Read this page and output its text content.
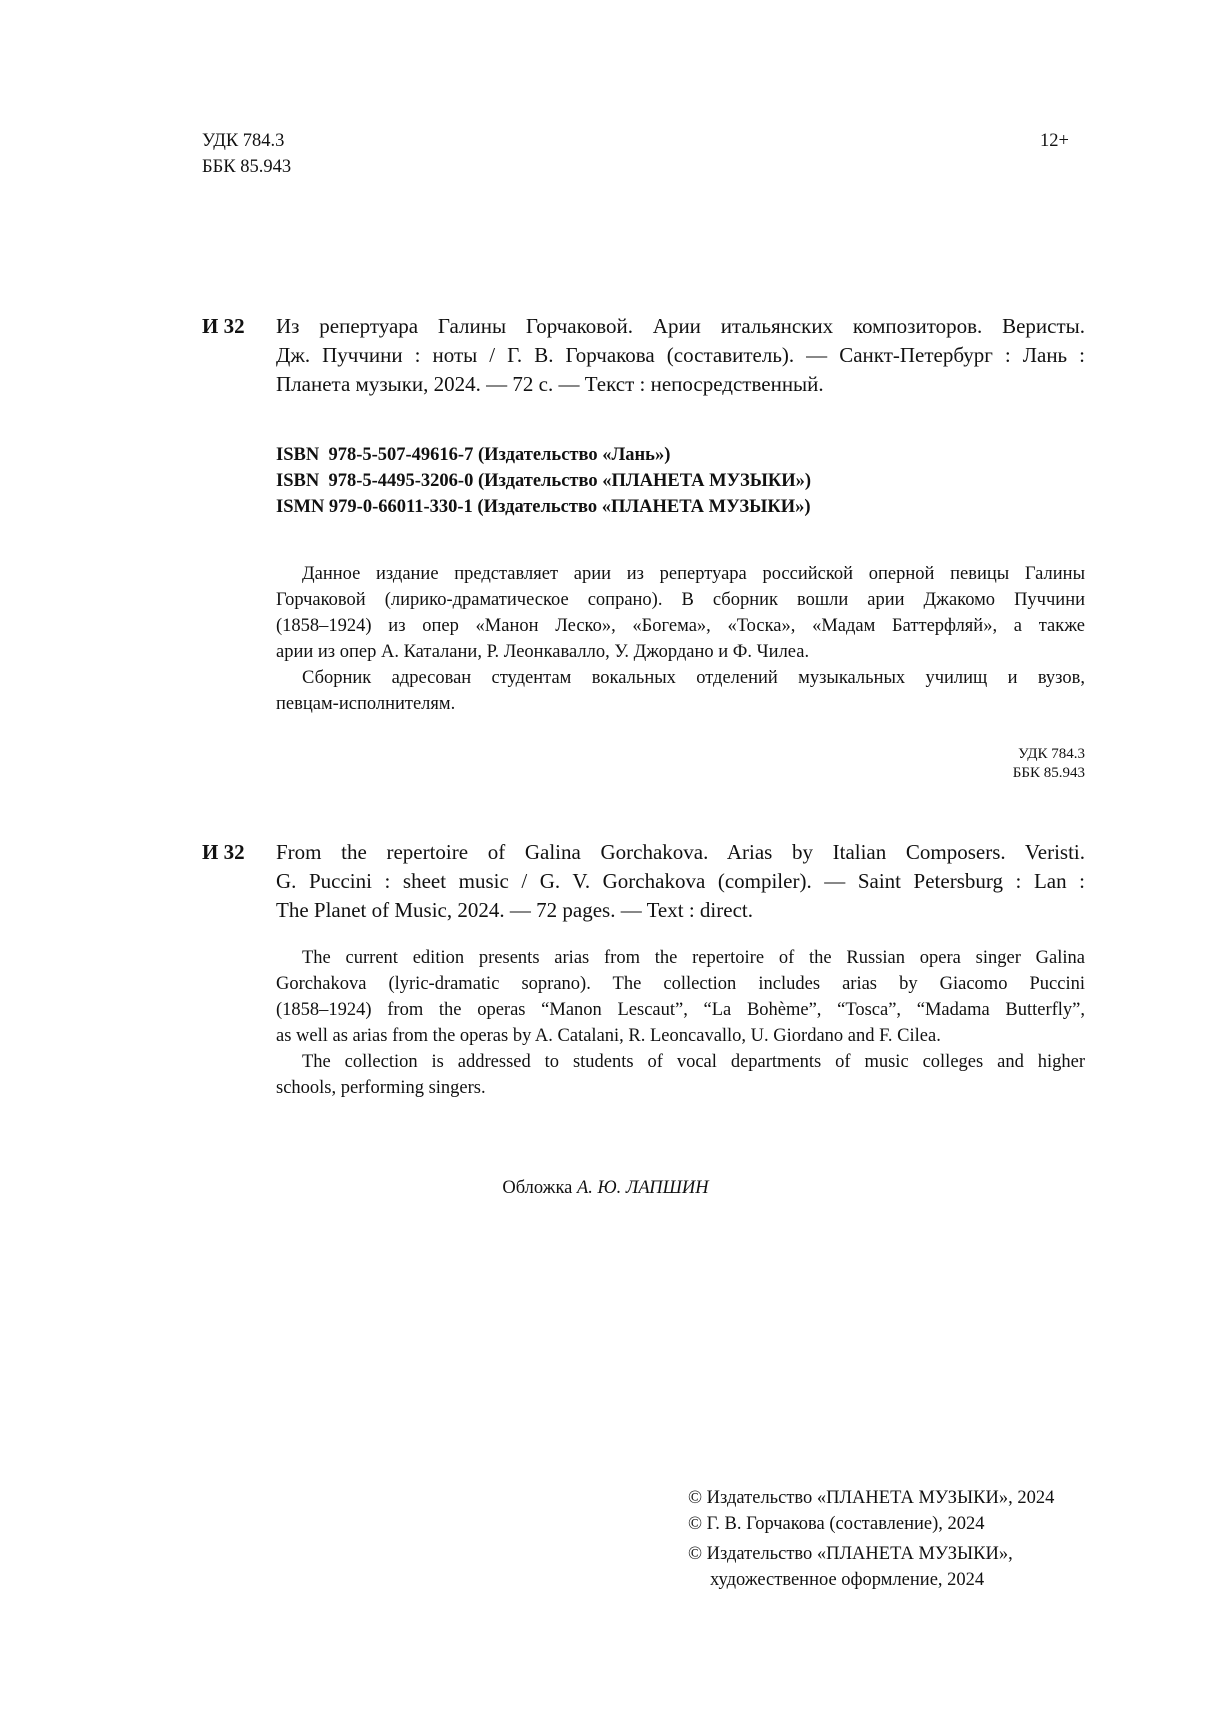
УДК 784.3
ББК 85.943
12+
И 32 Из репертуара Галины Горчаковой. Арии итальянских композиторов. Веристы.
Дж. Пуччини : ноты / Г. В. Горчакова (составитель). — Санкт-Петербург : Лань :
Планета музыки, 2024. — 72 с. — Текст : непосредственный.
ISBN  978-5-507-49616-7 (Издательство «Лань»)
ISBN  978-5-4495-3206-0 (Издательство «ПЛАНЕТА МУЗЫКИ»)
ISMN 979-0-66011-330-1 (Издательство «ПЛАНЕТА МУЗЫКИ»)
Данное издание представляет арии из репертуара российской оперной певицы Галины
Горчаковой (лирико-драматическое сопрано). В сборник вошли арии Джакомо Пуччини
(1858–1924) из опер «Манон Леско», «Богема», «Тоска», «Мадам Баттерфляй», а также
арии из опер А. Каталани, Р. Леонкавалло, У. Джордано и Ф. Чилеа.
Сборник адресован студентам вокальных отделений музыкальных училищ и вузов,
певцам-исполнителям.
УДК 784.3
ББК 85.943
И 32 From the repertoire of Galina Gorchakova. Arias by Italian Composers. Veristi.
G. Puccini : sheet music / G. V. Gorchakova (compiler). — Saint Petersburg : Lan :
The Planet of Music, 2024. — 72 pages. — Text : direct.
The current edition presents arias from the repertoire of the Russian opera singer Galina
Gorchakova (lyric-dramatic soprano). The collection includes arias by Giacomo Puccini
(1858–1924) from the operas “Manon Lescaut”, “La Bohème”, “Tosca”, “Madama Butterfly”,
as well as arias from the operas by A. Catalani, R. Leoncavallo, U. Giordano and F. Cilea.
The collection is addressed to students of vocal departments of music colleges and higher
schools, performing singers.
Обложка А. Ю. ЛАПШИН
© Издательство «ПЛАНЕТА МУЗЫКИ», 2024
© Г. В. Горчакова (составление), 2024
© Издательство «ПЛАНЕТА МУЗЫКИ»,
художественное оформление, 2024
